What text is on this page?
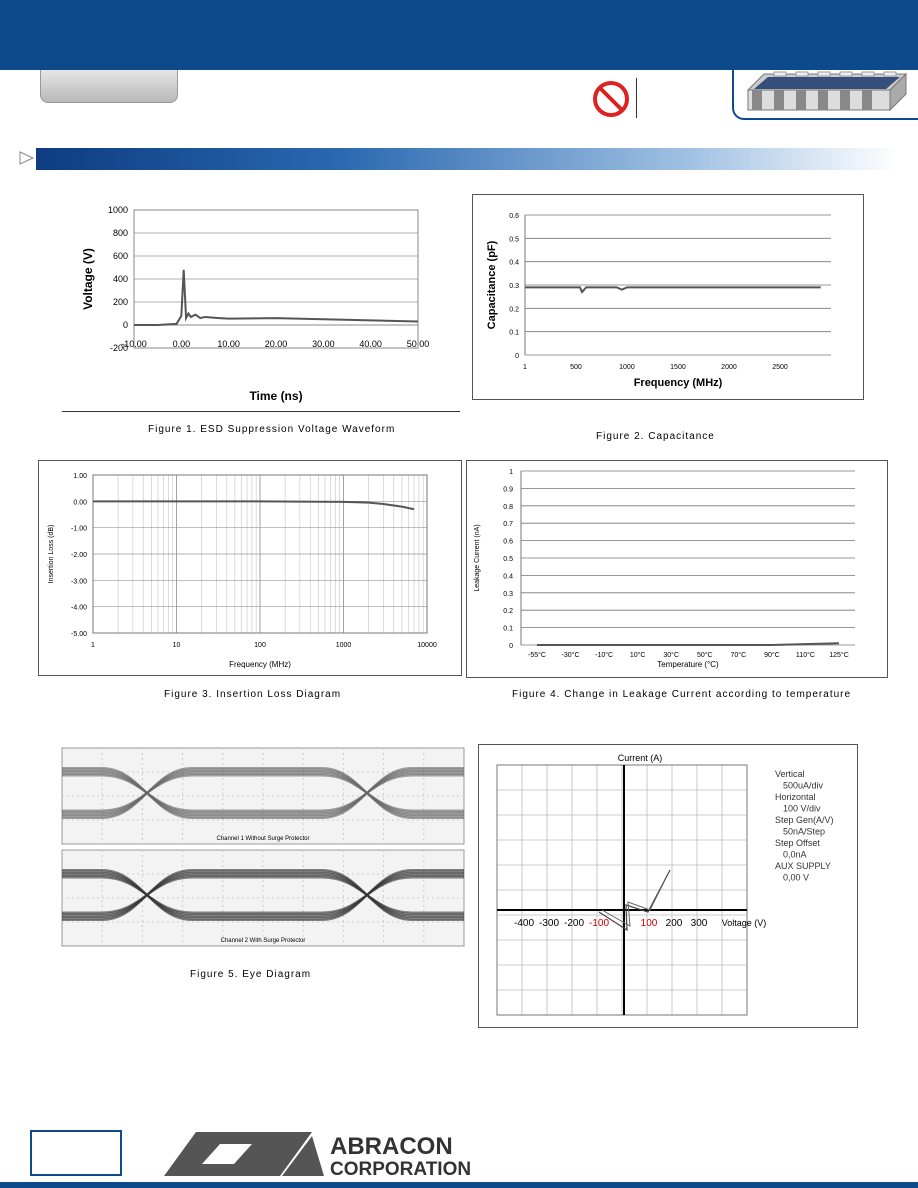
-200
0
200
400
600
800
1000
-10.00	0.00	10.00	20.00	30.00	40.00	50.00
Time (ns)
Voltage (V)
Figure 1. ESD Suppression Voltage Waveform
0
0.1
0.2
0.3
0.4
0.5
0.6
1	500	1000	1500	2000	2500
Frequency (MHz)
Capacitance (pF)
Figure 2. Capacitance
1.00
0.00
-1.00
-2.00
-3.00
-4.00
-5.00
1	10	100	1000	10000
Frequency (MHz)
Insertion Loss (dB)
Figure 3. Insertion Loss Diagram
0
0.1
0.2
0.3
0.4
0.5
0.6
0.7
0.8
0.9
1
-55°C -30°C -10°C 10°C	30°C	50°C	70°C	90°C 110°C 125°C
Temperature (°C)
Leakage Current (nA)
Figure 4. Change in Leakage Current according to temperature
Channel 1 Without Surge Protector
Channel 2 With Surge Protector
Figure 5. Eye Diagram
Current (A)
-400 -300 -200 -100	100 200 300 Voltage (V)
Vertical
500uA/div
Horizontal
100 V/div
Step Gen(A/V)
50nA/Step
Step Offset
0,0nA
AUX SUPPLY
0,00 V
ABRACON
CORPORATION
